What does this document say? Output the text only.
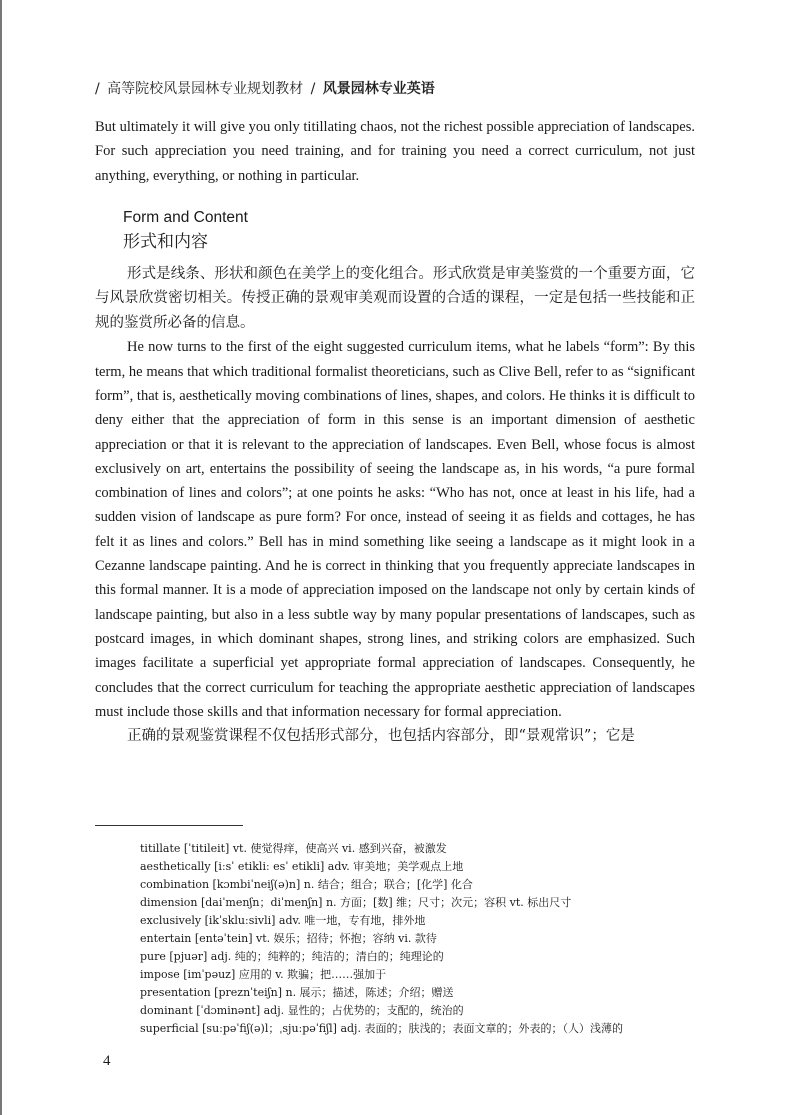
/ 高等院校风景园林专业规划教材 / 风景园林专业英语

But ultimately it will give you only titillating chaos, not the richest possible appreciation of landscapes. For such appreciation you need training, and for training you need a correct curriculum, not just anything, everything, or nothing in particular.

Form and Content
形式和内容

形式是线条、形状和颜色在美学上的变化组合。形式欣赏是审美鉴赏的一个重要方面，它与风景欣赏密切相关。传授正确的景观审美观而设置的合适的课程，一定是包括一些技能和正规的鉴赏所必备的信息。

He now turns to the first of the eight suggested curriculum items, what he labels “form”: By this term, he means that which traditional formalist theoreticians, such as Clive Bell, refer to as “significant form”, that is, aesthetically moving combinations of lines, shapes, and colors. He thinks it is difficult to deny either that the appreciation of form in this sense is an important dimension of aesthetic appreciation or that it is relevant to the appreciation of landscapes. Even Bell, whose focus is almost exclusively on art, entertains the possibility of seeing the landscape as, in his words, “a pure formal combination of lines and colors”; at one points he asks: “Who has not, once at least in his life, had a sudden vision of landscape as pure form? For once, instead of seeing it as fields and cottages, he has felt it as lines and colors.” Bell has in mind something like seeing a landscape as it might look in a Cezanne landscape painting. And he is correct in thinking that you frequently appreciate landscapes in this formal manner. It is a mode of appreciation imposed on the landscape not only by certain kinds of landscape painting, but also in a less subtle way by many popular presentations of landscapes, such as postcard images, in which dominant shapes, strong lines, and striking colors are emphasized. Such images facilitate a superficial yet appropriate formal appreciation of landscapes. Consequently, he concludes that the correct curriculum for teaching the appropriate aesthetic appreciation of landscapes must include those skills and that information necessary for formal appreciation.

正确的景观鉴赏课程不仅包括形式部分，也包括内容部分，即“景观常识”；它是

titillate [ˈtitileit] vt. 使觉得痒，使高兴 vi. 感到兴奋，被激发

aesthetically [iːsˈ etikliː esˈ etikli] adv. 审美地；美学观点上地

combination [kɔmbiˈneiʃ(ə)n] n. 结合；组合；联合；[化学] 化合

dimension [daiˈmenʃn；diˈmenʃn] n. 方面；[数] 维；尺寸；次元；容积 vt. 标出尺寸

exclusively [ikˈskluːsivli] adv. 唯一地，专有地，排外地

entertain [entəˈtein] vt. 娱乐；招待；怀抱；容纳 vi. 款待

pure [pjuər] adj. 纯的；纯粹的；纯洁的；清白的；纯理论的

impose [imˈpəuz] 应用的 v. 欺骗；把……强加于

presentation [preznˈteiʃn] n. 展示；描述，陈述；介绍；赠送

dominant [ˈdɔminənt] adj. 显性的；占优势的；支配的，统治的

superficial [suːpəˈfiʃ(ə)l；ˌsjuːpəˈfiʃl] adj. 表面的；肤浅的；表面文章的；外表的；（人）浅薄的

4
